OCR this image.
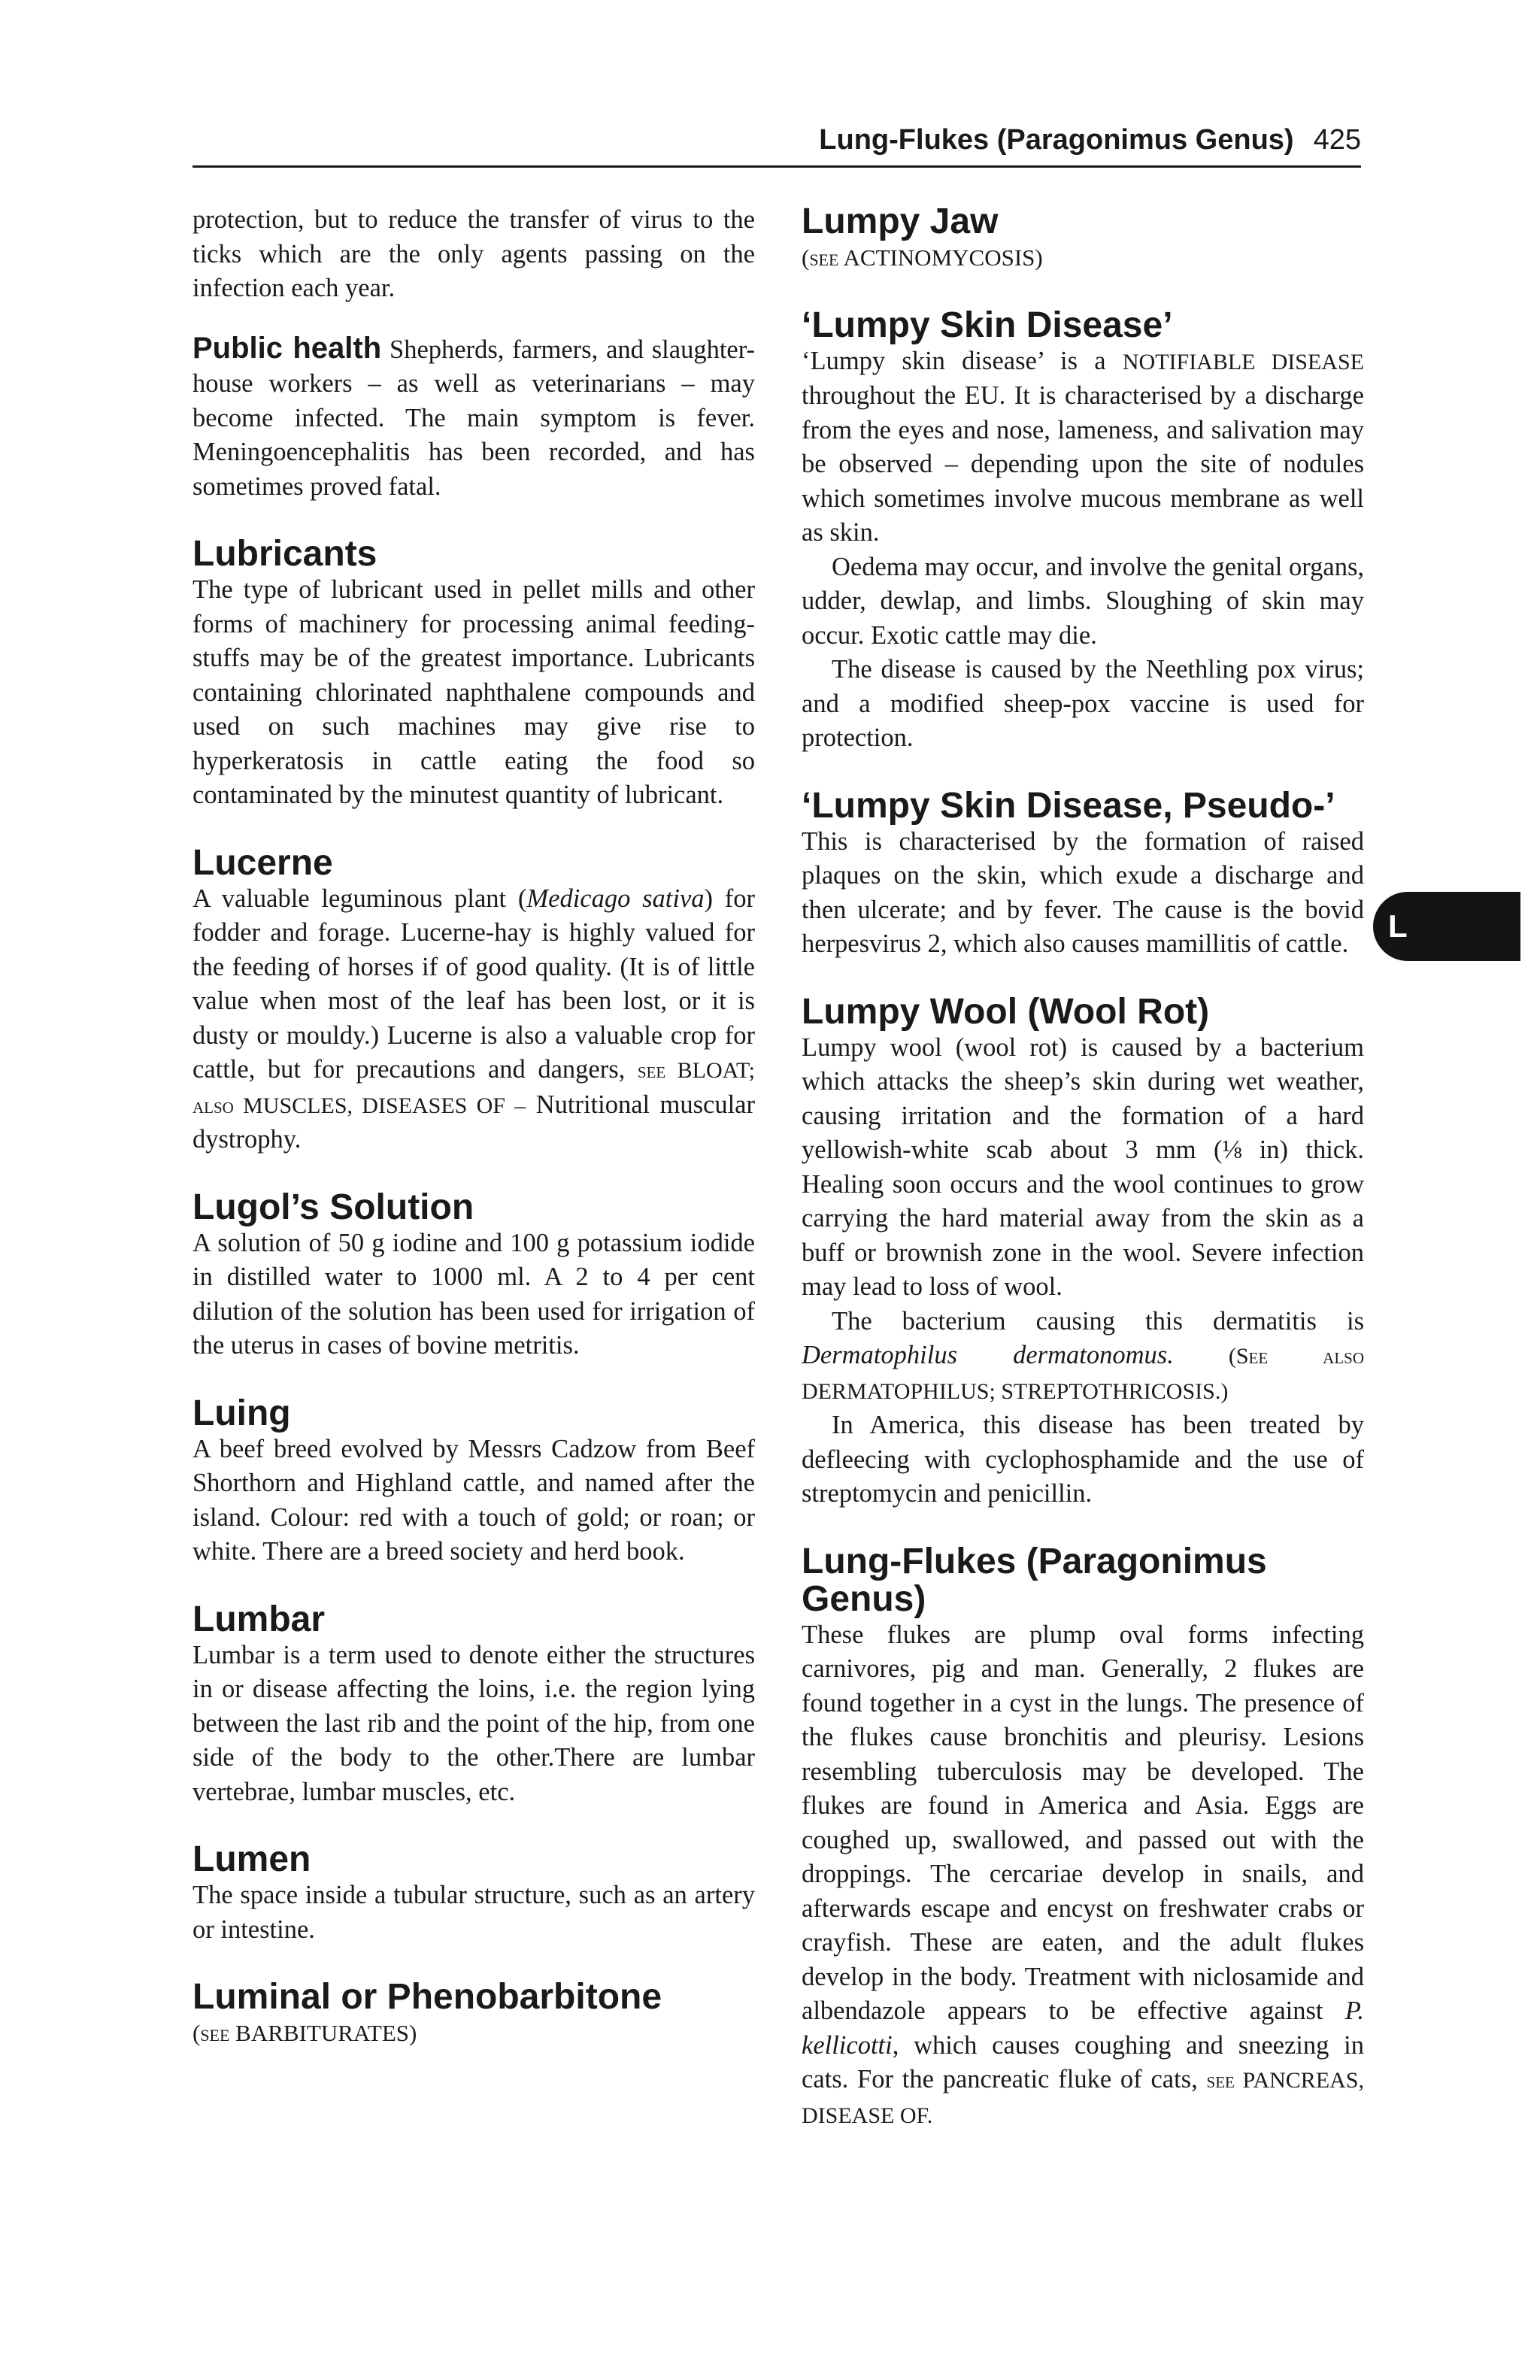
Lung-Flukes (Paragonimus Genus) 425

protection, but to reduce the transfer of virus to the ticks which are the only agents passing on the infection each year.

Public health Shepherds, farmers, and slaughter-house workers – as well as veterinarians – may become infected. The main symptom is fever. Meningoencephalitis has been recorded, and has sometimes proved fatal.

Lubricants

The type of lubricant used in pellet mills and other forms of machinery for processing animal feeding-stuffs may be of the greatest importance. Lubricants containing chlorinated naphthalene compounds and used on such machines may give rise to hyperkeratosis in cattle eating the food so contaminated by the minutest quantity of lubricant.

Lucerne

A valuable leguminous plant (Medicago sativa) for fodder and forage. Lucerne-hay is highly valued for the feeding of horses if of good quality. (It is of little value when most of the leaf has been lost, or it is dusty or mouldy.) Lucerne is also a valuable crop for cattle, but for precautions and dangers, see BLOAT; also MUSCLES, DISEASES OF – Nutritional muscular dystrophy.

Lugol’s Solution

A solution of 50 g iodine and 100 g potassium iodide in distilled water to 1000 ml. A 2 to 4 per cent dilution of the solution has been used for irrigation of the uterus in cases of bovine metritis.

Luing

A beef breed evolved by Messrs Cadzow from Beef Shorthorn and Highland cattle, and named after the island. Colour: red with a touch of gold; or roan; or white. There are a breed society and herd book.

Lumbar

Lumbar is a term used to denote either the structures in or disease affecting the loins, i.e. the region lying between the last rib and the point of the hip, from one side of the body to the other.There are lumbar vertebrae, lumbar muscles, etc.

Lumen

The space inside a tubular structure, such as an artery or intestine.

Luminal or Phenobarbitone

(see BARBITURATES)

Lumpy Jaw

(see ACTINOMYCOSIS)

‘Lumpy Skin Disease’

‘Lumpy skin disease’ is a NOTIFIABLE DISEASE throughout the EU. It is characterised by a discharge from the eyes and nose, lameness, and salivation may be observed – depending upon the site of nodules which sometimes involve mucous membrane as well as skin.

Oedema may occur, and involve the genital organs, udder, dewlap, and limbs. Sloughing of skin may occur. Exotic cattle may die.

The disease is caused by the Neethling pox virus; and a modified sheep-pox vaccine is used for protection.

‘Lumpy Skin Disease, Pseudo-’

This is characterised by the formation of raised plaques on the skin, which exude a discharge and then ulcerate; and by fever. The cause is the bovid herpesvirus 2, which also causes mamillitis of cattle.

Lumpy Wool (Wool Rot)

Lumpy wool (wool rot) is caused by a bacterium which attacks the sheep’s skin during wet weather, causing irritation and the formation of a hard yellowish-white scab about 3 mm (⅛ in) thick. Healing soon occurs and the wool continues to grow carrying the hard material away from the skin as a buff or brownish zone in the wool. Severe infection may lead to loss of wool.

The bacterium causing this dermatitis is Dermatophilus dermatonomus. (See also DERMATOPHILUS; STREPTOTHRICOSIS.)

In America, this disease has been treated by defleecing with cyclophosphamide and the use of streptomycin and penicillin.

Lung-Flukes (Paragonimus Genus)

These flukes are plump oval forms infecting carnivores, pig and man. Generally, 2 flukes are found together in a cyst in the lungs. The presence of the flukes cause bronchitis and pleurisy. Lesions resembling tuberculosis may be developed. The flukes are found in America and Asia. Eggs are coughed up, swallowed, and passed out with the droppings. The cercariae develop in snails, and afterwards escape and encyst on freshwater crabs or crayfish. These are eaten, and the adult flukes develop in the body. Treatment with niclosamide and albendazole appears to be effective against P. kellicotti, which causes coughing and sneezing in cats. For the pancreatic fluke of cats, see PANCREAS, DISEASE OF.

L
